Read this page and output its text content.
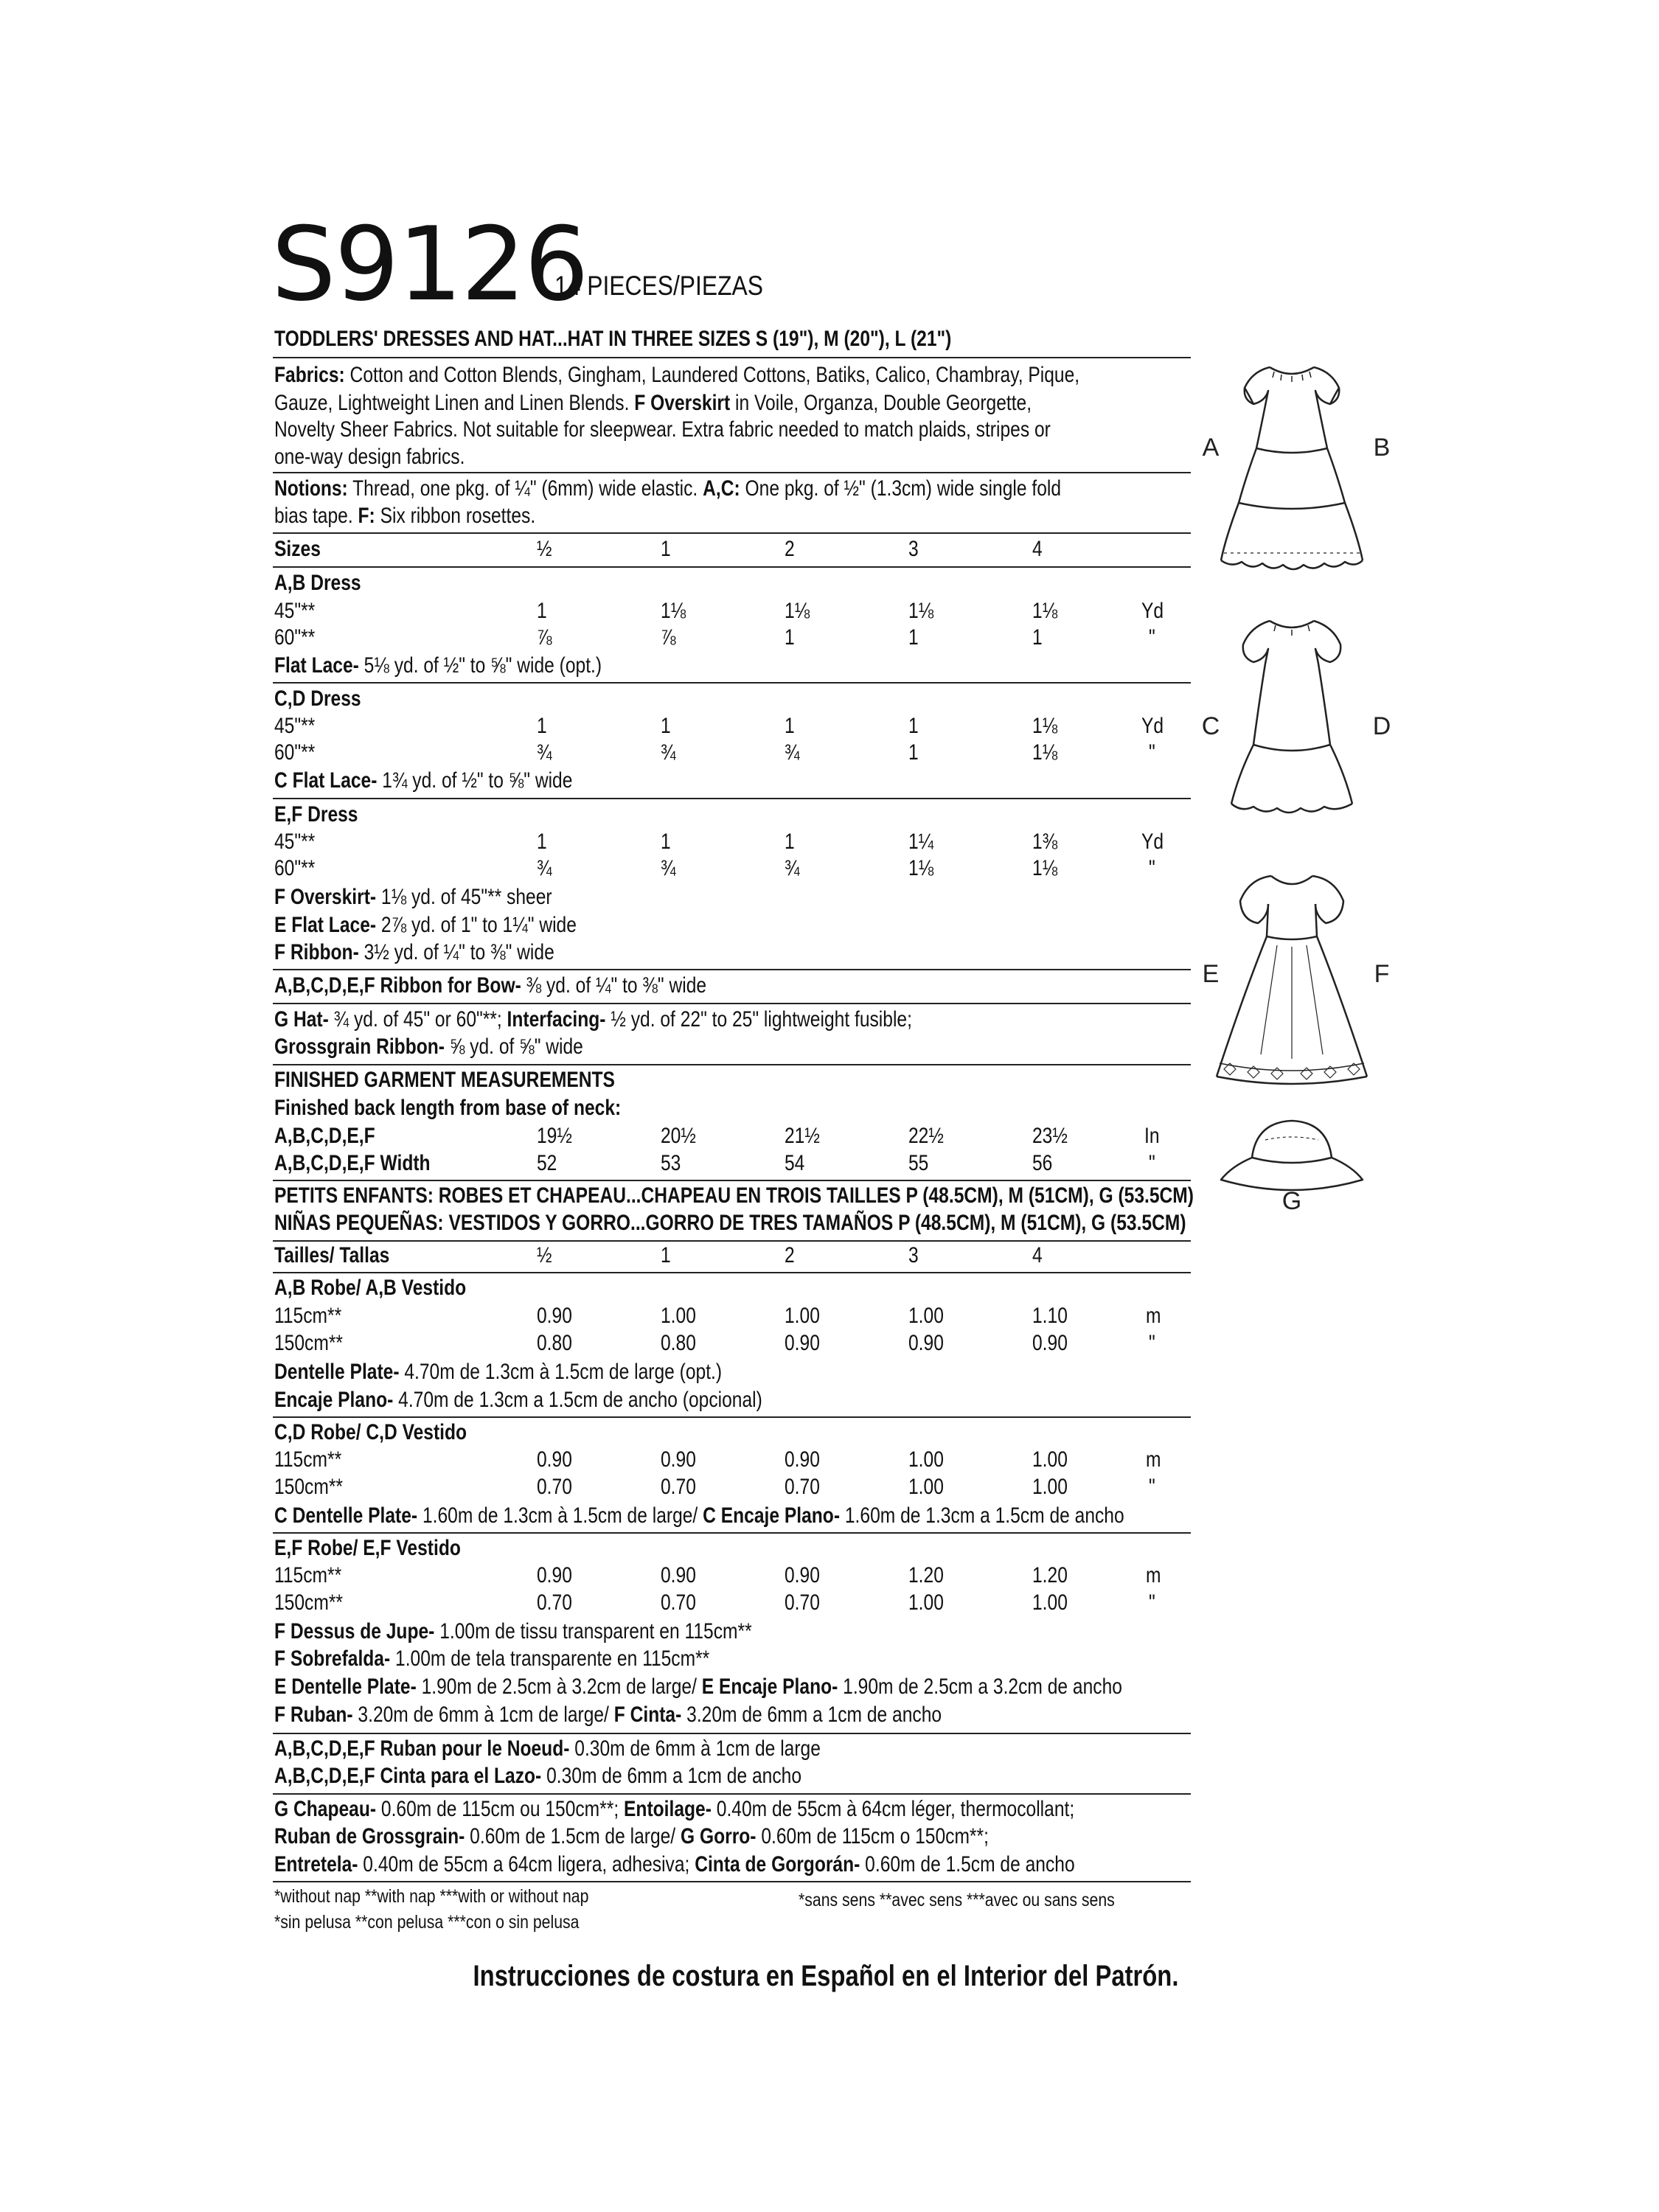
S9126
14 PIECES/PIEZAS
TODDLERS' DRESSES AND HAT...HAT IN THREE SIZES S (19"), M (20"), L (21")
Fabrics: Cotton and Cotton Blends, Gingham, Laundered Cottons, Batiks, Calico, Chambray, Pique,
Gauze, Lightweight Linen and Linen Blends. F Overskirt in Voile, Organza, Double Georgette,
Novelty Sheer Fabrics. Not suitable for sleepwear. Extra fabric needed to match plaids, stripes or
one-way design fabrics.
Notions: Thread, one pkg. of ¼" (6mm) wide elastic. A,C: One pkg. of ½" (1.3cm) wide single fold
bias tape. F: Six ribbon rosettes.
Sizes	½	1	2	3	4
A,B Dress
45"**	1	1⅛	1⅛	1⅛	1⅛	Yd
60"**	⅞	⅞	1	1	1	"
Flat Lace- 5⅛ yd. of ½" to ⅝" wide (opt.)
C,D Dress
45"**	1	1	1	1	1⅛	Yd
60"**	¾	¾	¾	1	1⅛	"
C Flat Lace- 1¾ yd. of ½" to ⅝" wide
E,F Dress
45"**	1	1	1	1¼	1⅜	Yd
60"**	¾	¾	¾	1⅛	1⅛	"
F Overskirt- 1⅛ yd. of 45"** sheer
E Flat Lace- 2⅞ yd. of 1" to 1¼" wide
F Ribbon- 3½ yd. of ¼" to ⅜" wide
A,B,C,D,E,F Ribbon for Bow- ⅜ yd. of ¼" to ⅜" wide
G Hat- ¾ yd. of 45" or 60"**; Interfacing- ½ yd. of 22" to 25" lightweight fusible;
Grossgrain Ribbon- ⅝ yd. of ⅝" wide
FINISHED GARMENT MEASUREMENTS
Finished back length from base of neck:
A,B,C,D,E,F	19½	20½	21½	22½	23½	In
A,B,C,D,E,F Width	52	53	54	55	56	"
PETITS ENFANTS: ROBES ET CHAPEAU...CHAPEAU EN TROIS TAILLES P (48.5CM), M (51CM), G (53.5CM)
NIÑAS PEQUEÑAS: VESTIDOS Y GORRO...GORRO DE TRES TAMAÑOS P (48.5CM), M (51CM), G (53.5CM)
Tailles/ Tallas	½	1	2	3	4
A,B Robe/ A,B Vestido
115cm**	0.90	1.00	1.00	1.00	1.10	m
150cm**	0.80	0.80	0.90	0.90	0.90	"
Dentelle Plate- 4.70m de 1.3cm à 1.5cm de large (opt.)
Encaje Plano- 4.70m de 1.3cm a 1.5cm de ancho (opcional)
C,D Robe/ C,D Vestido
115cm**	0.90	0.90	0.90	1.00	1.00	m
150cm**	0.70	0.70	0.70	1.00	1.00	"
C Dentelle Plate- 1.60m de 1.3cm à 1.5cm de large/ C Encaje Plano- 1.60m de 1.3cm a 1.5cm de ancho
E,F Robe/ E,F Vestido
115cm**	0.90	0.90	0.90	1.20	1.20	m
150cm**	0.70	0.70	0.70	1.00	1.00	"
F Dessus de Jupe- 1.00m de tissu transparent en 115cm**
F Sobrefalda- 1.00m de tela transparente en 115cm**
E Dentelle Plate- 1.90m de 2.5cm à 3.2cm de large/ E Encaje Plano- 1.90m de 2.5cm a 3.2cm de ancho
F Ruban- 3.20m de 6mm à 1cm de large/ F Cinta- 3.20m de 6mm a 1cm de ancho
A,B,C,D,E,F Ruban pour le Noeud- 0.30m de 6mm à 1cm de large
A,B,C,D,E,F Cinta para el Lazo- 0.30m de 6mm a 1cm de ancho
G Chapeau- 0.60m de 115cm ou 150cm**; Entoilage- 0.40m de 55cm à 64cm léger, thermocollant;
Ruban de Grossgrain- 0.60m de 1.5cm de large/ G Gorro- 0.60m de 115cm o 150cm**;
Entretela- 0.40m de 55cm a 64cm ligera, adhesiva; Cinta de Gorgorán- 0.60m de 1.5cm de ancho
*without nap **with nap ***with or without nap
*sin pelusa **con pelusa ***con o sin pelusa
*sans sens **avec sens ***avec ou sans sens
Instrucciones de costura en Español en el Interior del Patrón.
A	B
C	D
E	F
G
